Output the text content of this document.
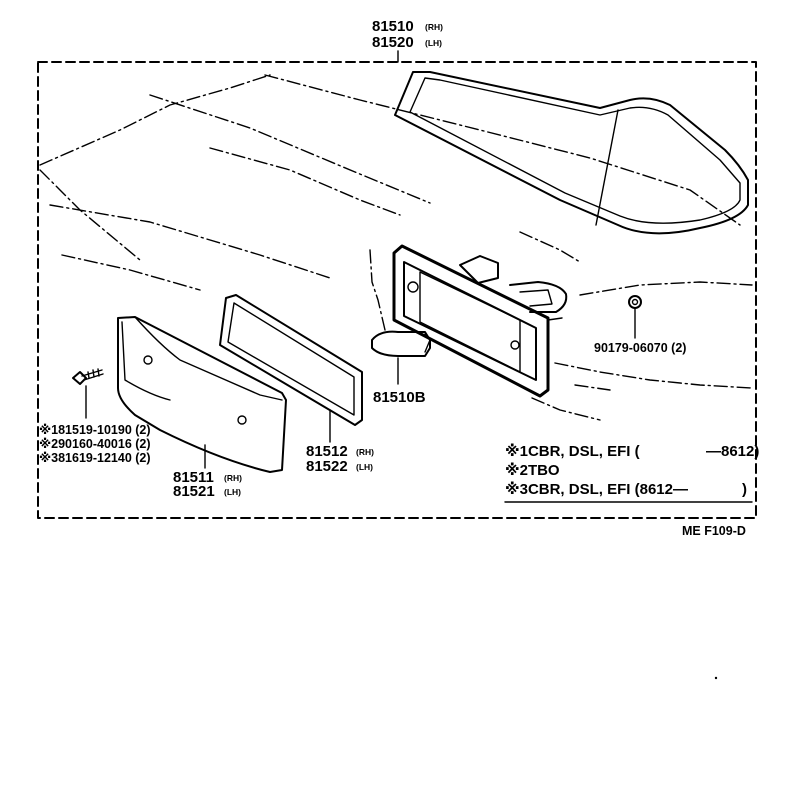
81510 (RH)
81520 (LH)
81510B
90179-06070 (2)
81511 (RH)
81521 (LH)
81512 (RH)
81522 (LH)
※181519-10190 (2)
※290160-40016 (2)
※381619-12140 (2)	※1CBR, DSL, EFI (	—8612)
※2TBO
※3CBR, DSL, EFI (8612—	)
ME F109-D
